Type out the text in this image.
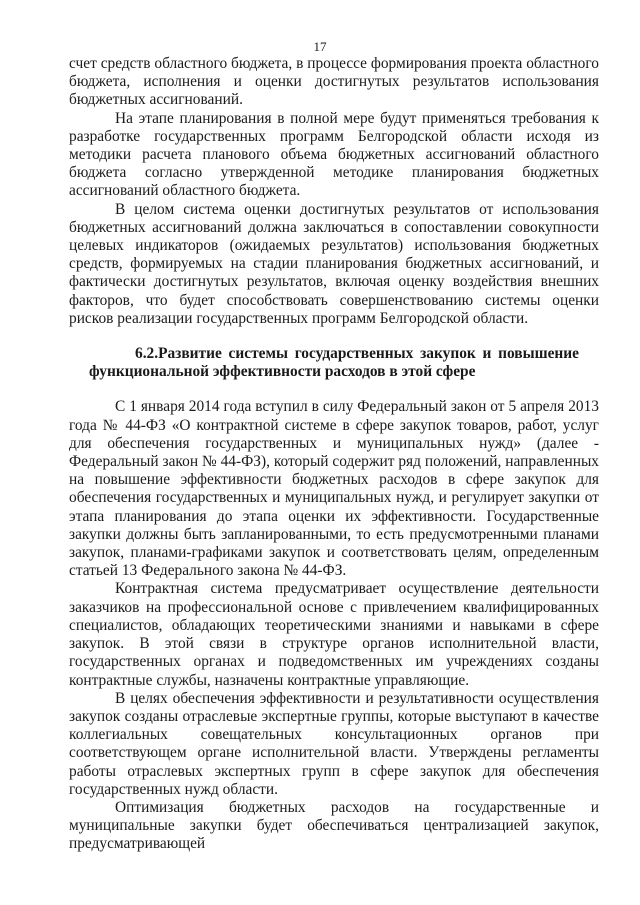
17

счет средств областного бюджета, в процессе формирования проекта областного бюджета, исполнения и оценки достигнутых результатов использования бюджетных ассигнований.

На этапе планирования в полной мере будут применяться требования к разработке государственных программ Белгородской области исходя из методики расчета планового объема бюджетных ассигнований областного бюджета согласно утвержденной методике планирования бюджетных ассигнований областного бюджета.

В целом система оценки достигнутых результатов от использования бюджетных ассигнований должна заключаться в сопоставлении совокупности целевых индикаторов (ожидаемых результатов) использования бюджетных средств, формируемых на стадии планирования бюджетных ассигнований, и фактически достигнутых результатов, включая оценку воздействия внешних факторов, что будет способствовать совершенствованию системы оценки рисков реализации государственных программ Белгородской области.

6.2.Развитие системы государственных закупок и повышение функциональной эффективности расходов в этой сфере

С 1 января 2014 года вступил в силу Федеральный закон от 5 апреля 2013 года № 44-ФЗ «О контрактной системе в сфере закупок товаров, работ, услуг для обеспечения государственных и муниципальных нужд» (далее - Федеральный закон № 44-ФЗ), который содержит ряд положений, направленных на повышение эффективности бюджетных расходов в сфере закупок для обеспечения государственных и муниципальных нужд, и регулирует закупки от этапа планирования до этапа оценки их эффективности. Государственные закупки должны быть запланированными, то есть предусмотренными планами закупок, планами-графиками закупок и соответствовать целям, определенным статьей 13 Федерального закона № 44-ФЗ.

Контрактная система предусматривает осуществление деятельности заказчиков на профессиональной основе с привлечением квалифицированных специалистов, обладающих теоретическими знаниями и навыками в сфере закупок. В этой связи в структуре органов исполнительной власти, государственных органах и подведомственных им учреждениях созданы контрактные службы, назначены контрактные управляющие.

В целях обеспечения эффективности и результативности осуществления закупок созданы отраслевые экспертные группы, которые выступают в качестве коллегиальных совещательных консультационных органов при соответствующем органе исполнительной власти. Утверждены регламенты работы отраслевых экспертных групп в сфере закупок для обеспечения государственных нужд области.

Оптимизация бюджетных расходов на государственные и муниципальные закупки будет обеспечиваться централизацией закупок, предусматривающей
